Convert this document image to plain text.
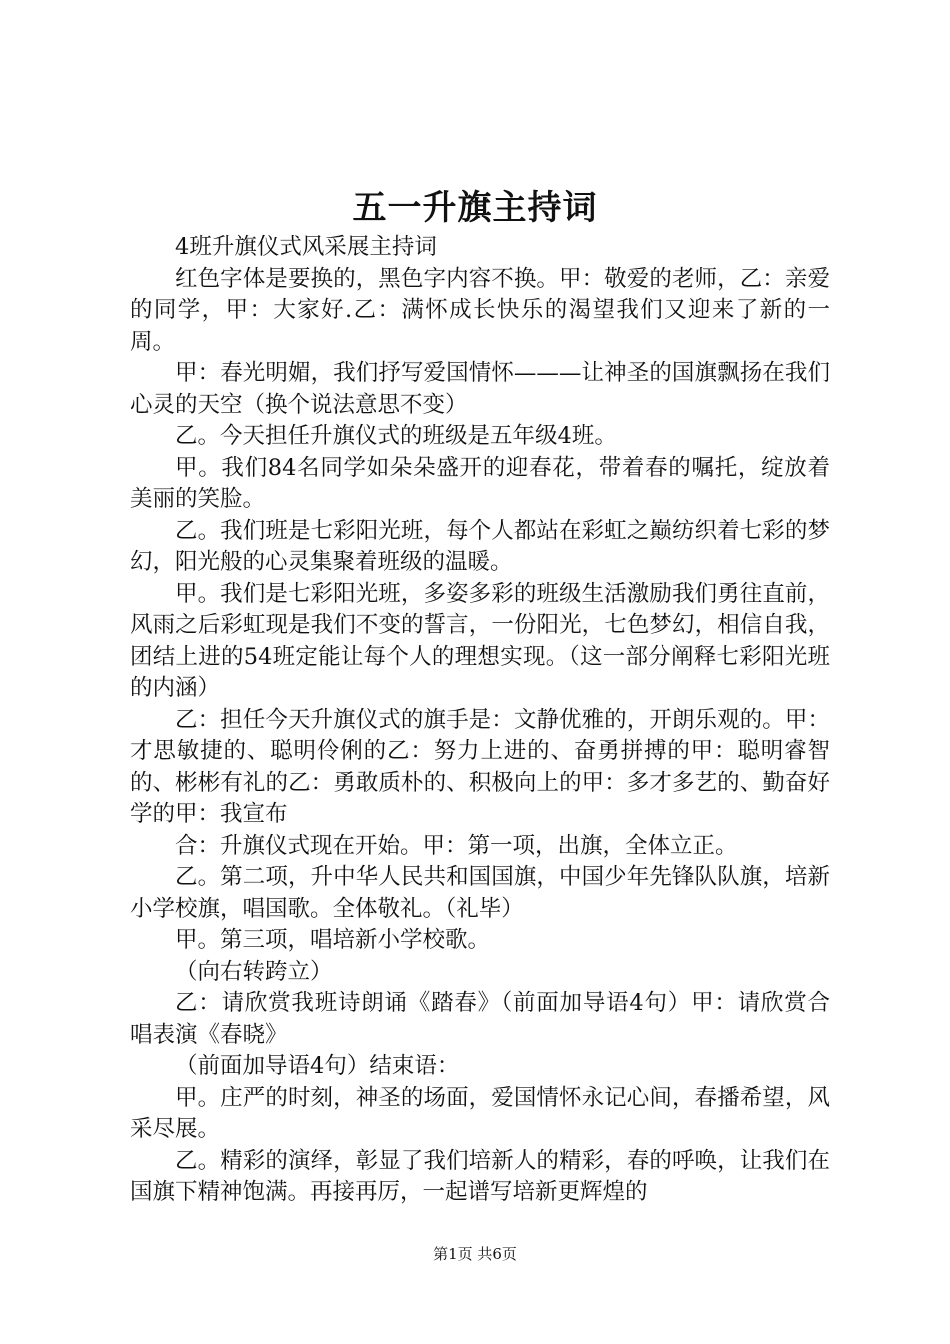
五一升旗主持词

4班升旗仪式风采展主持词

红色字体是要换的，黑色字内容不换。甲：敬爱的老师，乙：亲爱的同学，甲：大家好.乙：满怀成长快乐的渴望我们又迎来了新的一周。

甲：春光明媚，我们抒写爱国情怀———让神圣的国旗飘扬在我们心灵的天空（换个说法意思不变）

乙。今天担任升旗仪式的班级是五年级4班。

甲。我们84名同学如朵朵盛开的迎春花，带着春的嘱托，绽放着美丽的笑脸。

乙。我们班是七彩阳光班，每个人都站在彩虹之巅纺织着七彩的梦幻，阳光般的心灵集聚着班级的温暖。

甲。我们是七彩阳光班，多姿多彩的班级生活激励我们勇往直前，风雨之后彩虹现是我们不变的誓言，一份阳光，七色梦幻，相信自我，团结上进的54班定能让每个人的理想实现。（这一部分阐释七彩阳光班的内涵）

乙：担任今天升旗仪式的旗手是：文静优雅的，开朗乐观的。甲：才思敏捷的、聪明伶俐的乙：努力上进的、奋勇拼搏的甲：聪明睿智的、彬彬有礼的乙：勇敢质朴的、积极向上的甲：多才多艺的、勤奋好学的甲：我宣布

合：升旗仪式现在开始。甲：第一项，出旗，全体立正。

乙。第二项，升中华人民共和国国旗，中国少年先锋队队旗，培新小学校旗，唱国歌。全体敬礼。（礼毕）

甲。第三项，唱培新小学校歌。

（向右转跨立）

乙：请欣赏我班诗朗诵《踏春》（前面加导语4句）甲：请欣赏合唱表演《春晓》

（前面加导语4句）结束语：

甲。庄严的时刻，神圣的场面，爱国情怀永记心间，春播希望，风采尽展。

乙。精彩的演绎，彰显了我们培新人的精彩，春的呼唤，让我们在国旗下精神饱满。再接再厉，一起谱写培新更辉煌的

第1页 共6页
